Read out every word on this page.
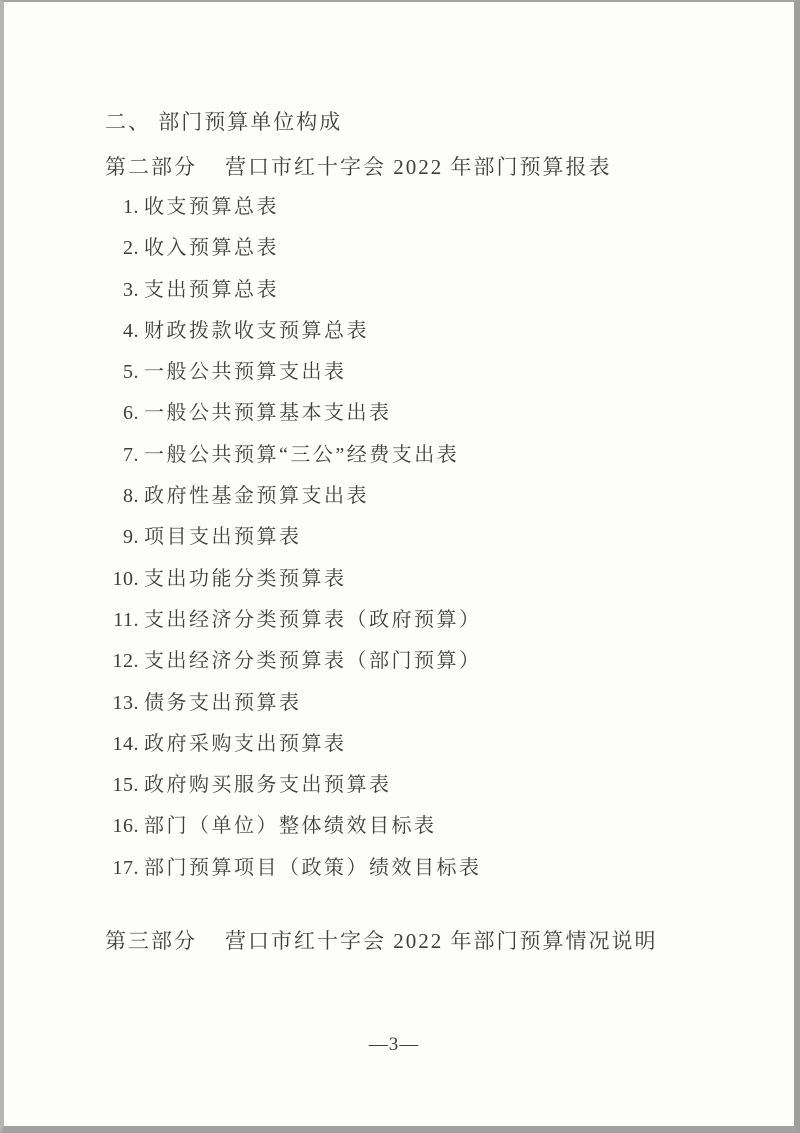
二、 部门预算单位构成
第二部分 营口市红十字会 2022 年部门预算报表
1. 收支预算总表
2. 收入预算总表
3. 支出预算总表
4. 财政拨款收支预算总表
5. 一般公共预算支出表
6. 一般公共预算基本支出表
7. 一般公共预算“三公”经费支出表
8. 政府性基金预算支出表
9. 项目支出预算表
10. 支出功能分类预算表
11. 支出经济分类预算表（政府预算）
12. 支出经济分类预算表（部门预算）
13. 债务支出预算表
14. 政府采购支出预算表
15. 政府购买服务支出预算表
16. 部门（单位）整体绩效目标表
17. 部门预算项目（政策）绩效目标表
第三部分 营口市红十字会 2022 年部门预算情况说明
—3—
